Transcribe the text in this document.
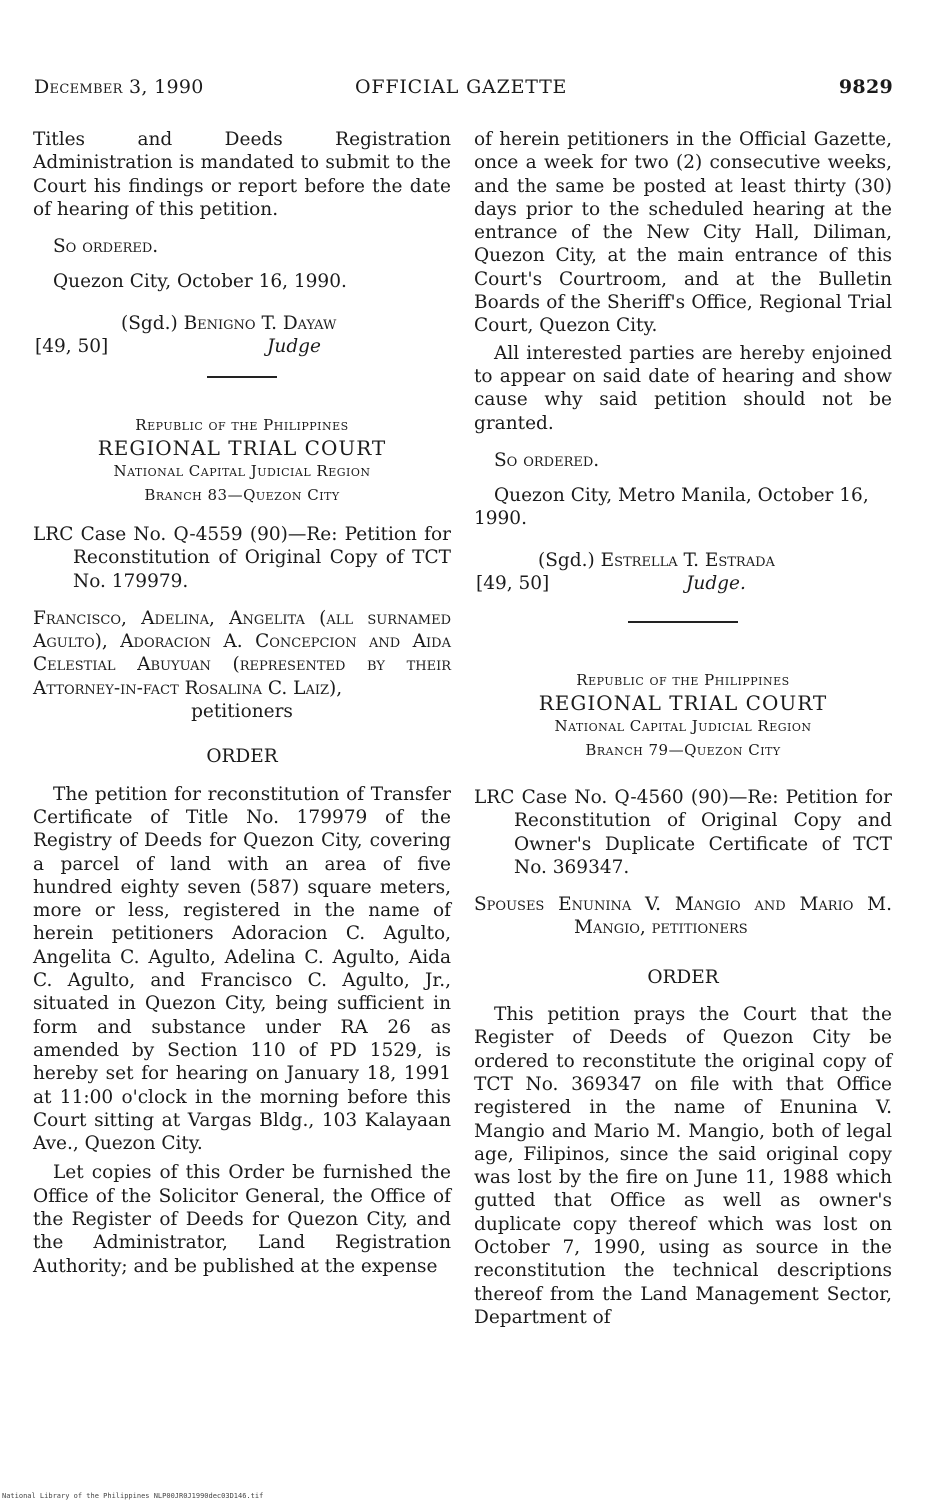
December 3, 1990	OFFICIAL GAZETTE	9829

Titles and Deeds Registration Administration is mandated to submit to the Court his findings or report before the date of hearing of this petition.

So ordered.

Quezon City, October 16, 1990.

(Sgd.) Benigno T. Dayaw
[49, 50]	Judge

Republic of the Philippines

REGIONAL TRIAL COURT

National Capital Judicial Region

Branch 83—Quezon City

LRC Case No. Q-4559 (90)—Re: Petition for Reconstitution of Original Copy of TCT No. 179979.

Francisco, Adelina, Angelita (all surnamed Agulto), Adoracion A. Concepcion and Aida Celestial Abuyuan (represented by their Attorney-in-fact Rosalina C. Laiz),

petitioners

ORDER

The petition for reconstitution of Transfer Certificate of Title No. 179979 of the Registry of Deeds for Quezon City, covering a parcel of land with an area of five hundred eighty seven (587) square meters, more or less, registered in the name of herein petitioners Adoracion C. Agulto, Angelita C. Agulto, Adelina C. Agulto, Aida C. Agulto, and Francisco C. Agulto, Jr., situated in Quezon City, being sufficient in form and substance under RA 26 as amended by Section 110 of PD 1529, is hereby set for hearing on January 18, 1991 at 11:00 o'clock in the morning before this Court sitting at Vargas Bldg., 103 Kalayaan Ave., Quezon City.

Let copies of this Order be furnished the Office of the Solicitor General, the Office of the Register of Deeds for Quezon City, and the Administrator, Land Registration Authority; and be published at the expense

of herein petitioners in the Official Gazette, once a week for two (2) consecutive weeks, and the same be posted at least thirty (30) days prior to the scheduled hearing at the entrance of the New City Hall, Diliman, Quezon City, at the main entrance of this Court's Courtroom, and at the Bulletin Boards of the Sheriff's Office, Regional Trial Court, Quezon City.

All interested parties are hereby enjoined to appear on said date of hearing and show cause why said petition should not be granted.

So ordered.

Quezon City, Metro Manila, October 16, 1990.

(Sgd.) Estrella T. Estrada
[49, 50]	Judge.

Republic of the Philippines

REGIONAL TRIAL COURT

National Capital Judicial Region

Branch 79—Quezon City

LRC Case No. Q-4560 (90)—Re: Petition for Reconstitution of Original Copy and Owner's Duplicate Certificate of TCT No. 369347.

Spouses Enunina V. Mangio and Mario M. Mangio, petitioners

ORDER

This petition prays the Court that the Register of Deeds of Quezon City be ordered to reconstitute the original copy of TCT No. 369347 on file with that Office registered in the name of Enunina V. Mangio and Mario M. Mangio, both of legal age, Filipinos, since the said original copy was lost by the fire on June 11, 1988 which gutted that Office as well as owner's duplicate copy thereof which was lost on October 7, 1990, using as source in the reconstitution the technical descriptions thereof from the Land Management Sector, Department of

National Library of the Philippines NLP00JR0J1990dec03D146.tif
